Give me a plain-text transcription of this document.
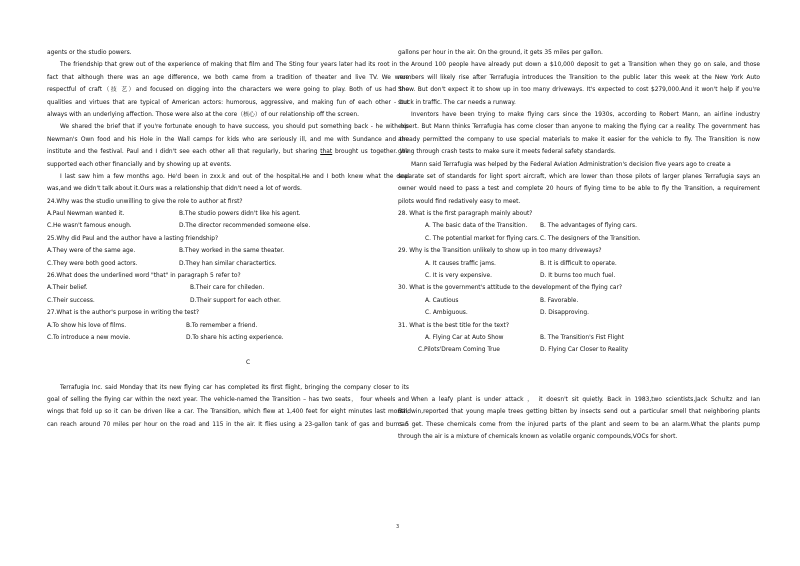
agents or the studio powers.
The friendship that grew out of the experience of making that film and The Sting four years later had its root in the
fact that although there was an age difference, we both came from a tradition of theater and live TV. We were
respectful of craft（技 艺）and focused on digging into the characters we were going to play. Both of us had the
qualities and virtues that are typical of American actors: humorous, aggressive, and making fun of each other - but
always with an underlying affection. Those were also at the core（核心）of our relationship off the screen.
We shared the brief that if you're fortunate enough to have success, you should put something back - he with his
Newman's Own food and his Hole in the Wall camps for kids who are seriously ill, and me with Sundance and the
institute and the festival. Paul and I didn't see each other all that regularly, but sharing that brought us together. We
supported each other financially and by showing up at events.
I last saw him a few months ago. He'd been in zxx.k and out of the hospital.He and I both knew what the deal
was,and we didn't talk about it.Ours was a relationship that didn't need a lot of words.
24.Why was the studio unwilling to give the role to author at first?
A.Paul Newman wanted it.	B.The studio powers didn't like his agent.
C.He wasn't famous enough.	D.The director recommended someone else.
25.Why did Paul and the author have a lasting friendship?
A.They were of the same age.	B.They worked in the same theater.
C.They were both good actors.	D.They han similar charactertics.
26.What does the underlined word "that" in paragraph 5 refer to?
A.Their belief.	B.Their care for chileden.
C.Their success.	D.Their support for each other.
27.What is the author's purpose in writing the test?
A.To show his love of films.	B.To remember a friend.
C.To introduce a new movie.	D.To share his acting experience.
C
Terrafugia Inc. said Monday that its new flying car has completed its first flight, bringing the company closer to its
goal of selling the flying car within the next year. The vehicle-named the Transition – has two seats， four wheels and
wings that fold up so it can be driven like a car. The Transition, which flew at 1,400 feet for eight minutes last month,
can reach around 70 miles per hour on the road and 115 in the air. It flies using a 23-gallon tank of gas and burns 5
gallons per hour in the air. On the ground, it gets 35 miles per gallon.
Around 100 people have already put down a $10,000 deposit to get a Transition when they go on sale, and those
numbers will likely rise after Terrafugia introduces the Transition to the public later this week at the New York Auto
Show. But don't expect it to show up in too many driveways. It's expected to cost $279,000.And it won't help if you're
stuck in traffic. The car needs a runway.
Inventors have been trying to make flying cars since the 1930s, according to Robert Mann, an airline industry
expert. But Mann thinks Terrafugia has come closer than anyone to making the flying car a reality. The government has
already permitted the company to use special materials to make it easier for the vehicle to fly. The Transition is now
going through crash tests to make sure it meets federal safety standards.
Mann said Terrafugia was helped by the Federal Aviation Administration's decision five years ago to create a
separate set of standards for light sport aircraft, which are lower than those pilots of larger planes Terrafugia says an
owner would need to pass a test and complete 20 hours of flying time to be able to fly the Transition, a requirement
pilots would find redatively easy to meet.
28. What is the first paragraph mainly about?
A. The basic data of the Transition.	B. The advantages of flying cars.
C. The potential market for flying cars. C. The designers of the Transition.
29. Why is the Transition unlikely to show up in too many driveways?
A. It causes traffic jams.	B. It is difficult to operate.
C. It is very expensive.	D. It burns too much fuel.
30. What is the government's attitude to the development of the flying car?
A. Cautious	B. Favorable.
C. Ambiguous.	D. Disapproving.
31. What is the best title for the text?
A. Flying Car at Auto Show	B. The Transition's Fist Flight
C.Pilots'Dream Coming True	D. Flying Car Closer to Reality
When a leafy plant is under attack ， it doesn't sit quietly. Back in 1983,two scientists,Jack Schultz and Ian
Baldwin,reported that young maple trees getting bitten by insects send out a particular smell that neighboring plants
can get. These chemicals come from the injured parts of the plant and seem to be an alarm.What the plants pump
through the air is a mixture of chemicals known as volatile organic compounds,VOCs for short.
3
